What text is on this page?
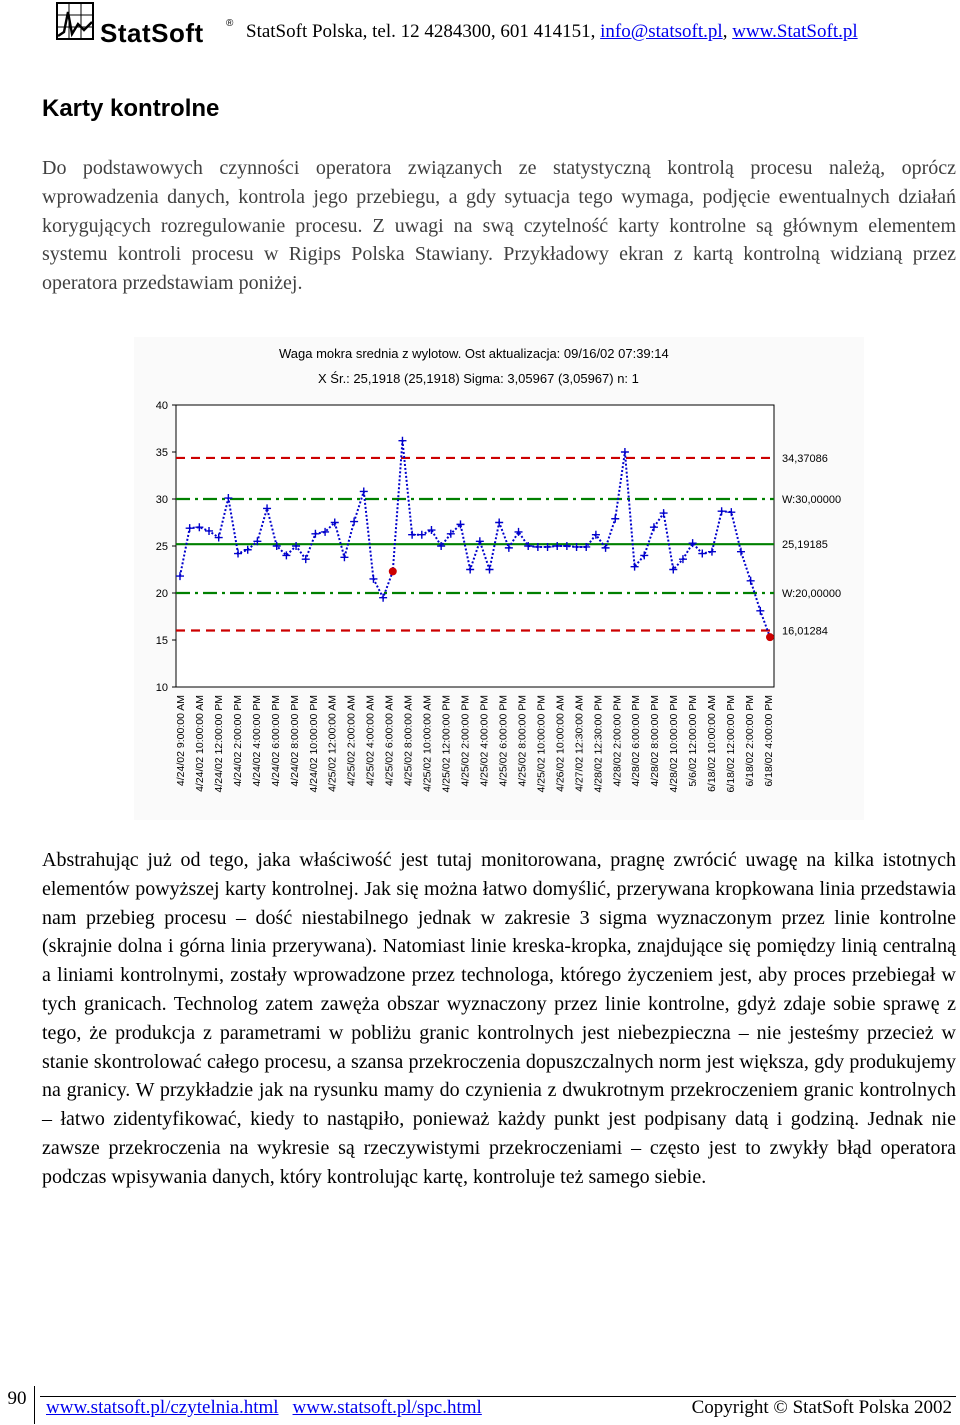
StatSoft ® StatSoft Polska, tel. 12 4284300, 601 414151, info@statsoft.pl, www.StatSoft.pl
Karty kontrolne
Do podstawowych czynności operatora związanych ze statystyczną kontrolą procesu należą, oprócz wprowadzenia danych, kontrola jego przebiegu, a gdy sytuacja tego wymaga, podjęcie ewentualnych działań korygujących rozregulowanie procesu. Z uwagi na swą czytelność karty kontrolne są głównym elementem systemu kontroli procesu w Rigips Polska Stawiany. Przykładowy ekran z kartą kontrolną widzianą przez operatora przedstawiam poniżej.
Waga mokra srednia z wylotow. Ost aktualizacja: 09/16/02 07:39:14
X Śr.: 25,1918 (25,1918) Sigma: 3,05967 (3,05967) n: 1
10
15
20
25
30
35
40
34,37086
W:30,00000
25,19185
W:20,00000
16,01284
4/24/02 9:00:00 AM 4/24/02 10:00:00 AM 4/24/02 12:00:00 PM 4/24/02 2:00:00 PM 4/24/02 4:00:00 PM 4/24/02 6:00:00 PM 4/24/02 8:00:00 PM 4/24/02 10:00:00 PM 4/25/02 12:00:00 AM 4/25/02 2:00:00 AM 4/25/02 4:00:00 AM 4/25/02 6:00:00 AM 4/25/02 8:00:00 AM 4/25/02 10:00:00 AM 4/25/02 12:00:00 PM 4/25/02 2:00:00 PM 4/25/02 4:00:00 PM 4/25/02 6:00:00 PM 4/25/02 8:00:00 PM 4/25/02 10:00:00 PM 4/26/02 10:00:00 AM 4/27/02 12:30:00 AM 4/28/02 12:30:00 PM 4/28/02 2:00:00 PM 4/28/02 6:00:00 PM 4/28/02 8:00:00 PM 4/28/02 10:00:00 PM 5/6/02 12:00:00 PM 6/18/02 10:00:00 AM 6/18/02 12:00:00 PM 6/18/02 2:00:00 PM 6/18/02 4:00:00 PM
Abstrahując już od tego, jaka właściwość jest tutaj monitorowana, pragnę zwrócić uwagę na kilka istotnych elementów powyższej karty kontrolnej. Jak się można łatwo domyślić, przerywana kropkowana linia przedstawia nam przebieg procesu – dość niestabilnego jednak w zakresie 3 sigma wyznaczonym przez linie kontrolne (skrajnie dolna i górna linia przerywana). Natomiast linie kreska-kropka, znajdujące się pomiędzy linią centralną a liniami kontrolnymi, zostały wprowadzone przez technologa, którego życzeniem jest, aby proces przebiegał w tych granicach. Technolog zatem zawęża obszar wyznaczony przez linie kontrolne, gdyż zdaje sobie sprawę z tego, że produkcja z parametrami w pobliżu granic kontrolnych jest niebezpieczna – nie jesteśmy przecież w stanie skontrolować całego procesu, a szansa przekroczenia dopuszczalnych norm jest większa, gdy produkujemy na granicy. W przykładzie jak na rysunku mamy do czynienia z dwukrotnym przekroczeniem granic kontrolnych – łatwo zidentyfikować, kiedy to nastąpiło, ponieważ każdy punkt jest podpisany datą i godziną. Jednak nie zawsze przekroczenia na wykresie są rzeczywistymi przekroczeniami – często jest to zwykły błąd operatora podczas wpisywania danych, który kontrolując kartę, kontroluje też samego siebie.
90	www.statsoft.pl/czytelnia.html www.statsoft.pl/spc.html	Copyright © StatSoft Polska 2002
